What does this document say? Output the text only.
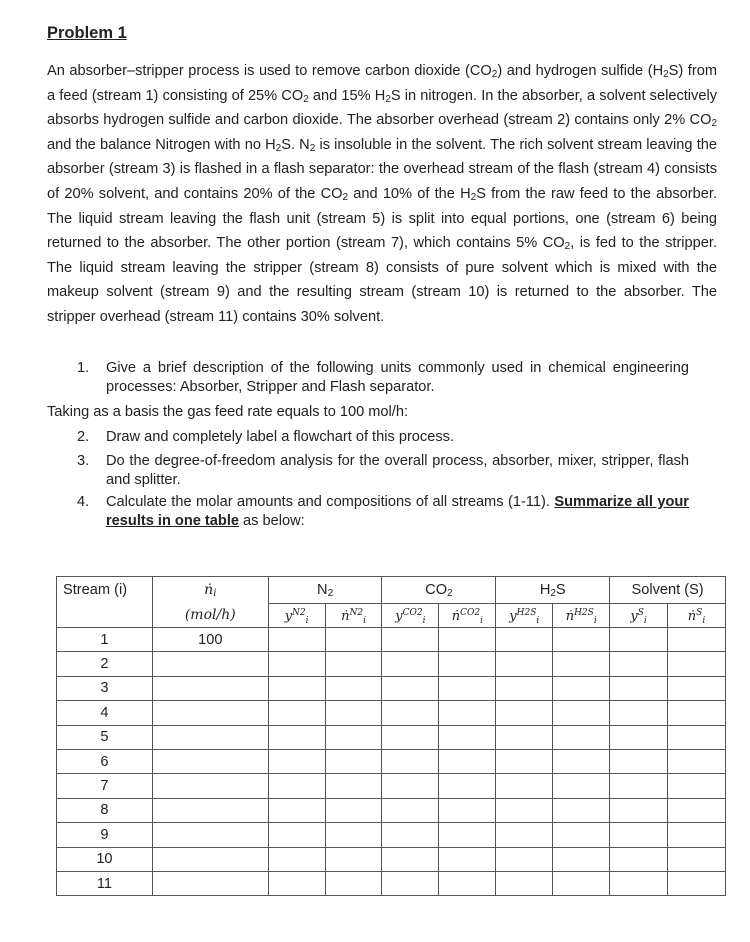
Problem 1
An absorber–stripper process is used to remove carbon dioxide $(CO_2)$ and hydrogen sulfide $(H_2S)$ from a feed (stream 1) consisting of 25% $CO_2$ and 15% $H_2S$ in nitrogen. In the absorber, a solvent selectively absorbs hydrogen sulfide and carbon dioxide. The absorber overhead (stream 2) contains only 2% $CO_2$ and the balance Nitrogen with no $H_2S$. $N_2$ is insoluble in the solvent. The rich solvent stream leaving the absorber (stream 3) is flashed in a flash separator: the overhead stream of the flash (stream 4) consists of 20% solvent, and contains 20% of the $CO_2$ and 10% of the $H_2S$ from the raw feed to the absorber. The liquid stream leaving the flash unit (stream 5) is split into equal portions, one (stream 6) being returned to the absorber. The other portion (stream 7), which contains 5% $CO_2$, is fed to the stripper. The liquid stream leaving the stripper (stream 8) consists of pure solvent which is mixed with the makeup solvent (stream 9) and the resulting stream (stream 10) is returned to the absorber. The stripper overhead (stream 11) contains 30% solvent.
1. Give a brief description of the following units commonly used in chemical engineering processes: Absorber, Stripper and Flash separator.
Taking as a basis the gas feed rate equals to 100 mol/h:
2. Draw and completely label a flowchart of this process.
3. Do the degree-of-freedom analysis for the overall process, absorber, mixer, stripper, flash and splitter.
4. Calculate the molar amounts and compositions of all streams (1-11). Summarize all your results in one table as below:
Stream (i)	ṅ$_i$	$N_2$		$CO_2$		$H_2S$		Solvent (S)	
	(mol/h)	$y^{N2}_i$	ṅ$^{N2}_i$	$y^{CO2}_i$	ṅ$^{CO2}_i$	$y^{H2S}_i$	ṅ$^{H2S}_i$	$y^S_i$	ṅ$^S_i$
1	100								
2									
3									
4									
5									
6									
7									
8									
9									
10									
11									
